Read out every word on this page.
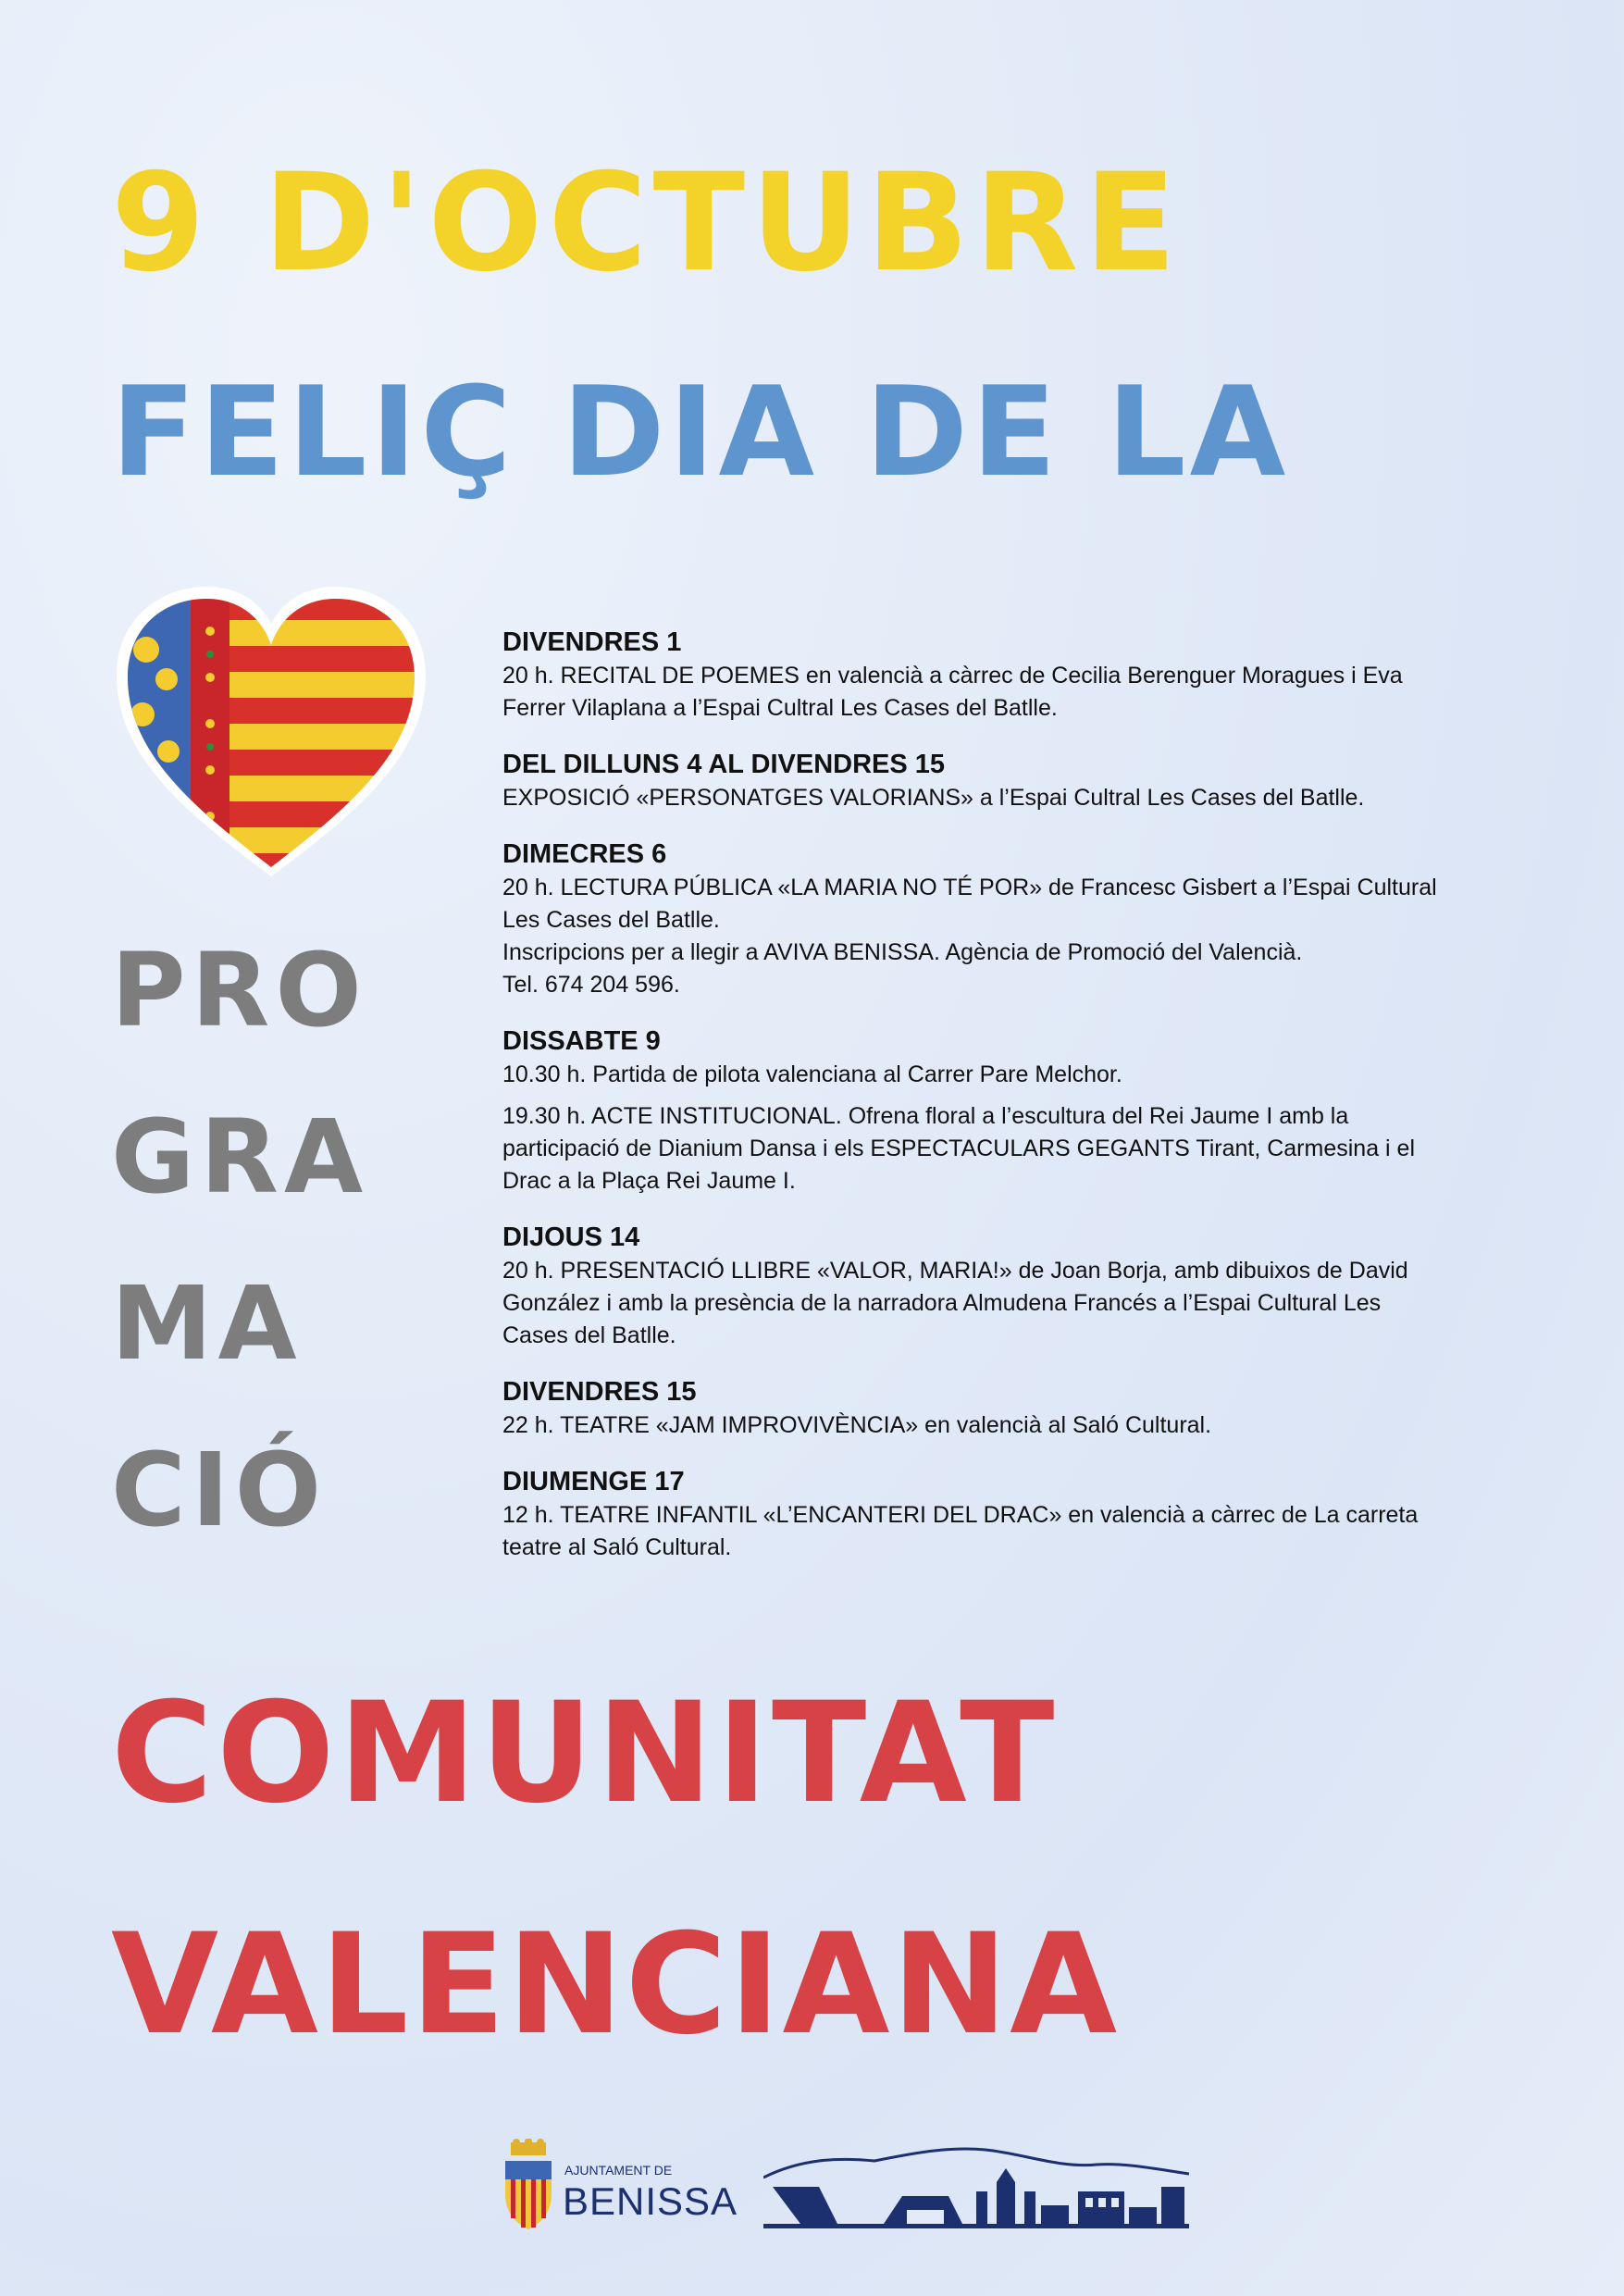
9 D'OCTUBRE
FELIÇ DIA DE LA
PRO
GRA
MA
CIÓ
DIVENDRES 1
20 h. RECITAL DE POEMES en valencià a càrrec de Cecilia Berenguer Moragues i Eva
Ferrer Vilaplana a l’Espai Cultral Les Cases del Batlle.
DEL DILLUNS 4 AL DIVENDRES 15
EXPOSICIÓ «PERSONATGES VALORIANS» a l’Espai Cultral Les Cases del Batlle.
DIMECRES 6
20 h. LECTURA PÚBLICA «LA MARIA NO TÉ POR» de Francesc Gisbert a l’Espai Cultural
Les Cases del Batlle.
Inscripcions per a llegir a AVIVA BENISSA. Agència de Promoció del Valencià.
Tel. 674 204 596.
DISSABTE 9
10.30 h. Partida de pilota valenciana al Carrer Pare Melchor.
19.30 h. ACTE INSTITUCIONAL. Ofrena floral a l’escultura del Rei Jaume I amb la
participació de Dianium Dansa i els ESPECTACULARS GEGANTS Tirant, Carmesina i el
Drac a la Plaça Rei Jaume I.
DIJOUS 14
20 h. PRESENTACIÓ LLIBRE «VALOR, MARIA!» de Joan Borja, amb dibuixos de David
González i amb la presència de la narradora Almudena Francés a l’Espai Cultural Les
Cases del Batlle.
DIVENDRES 15
22 h. TEATRE «JAM IMPROVIVÈNCIA» en valencià al Saló Cultural.
DIUMENGE 17
12 h. TEATRE INFANTIL «L’ENCANTERI DEL DRAC» en valencià a càrrec de La carreta
teatre al Saló Cultural.
COMUNITAT
VALENCIANA
AJUNTAMENT DE
BENISSA
